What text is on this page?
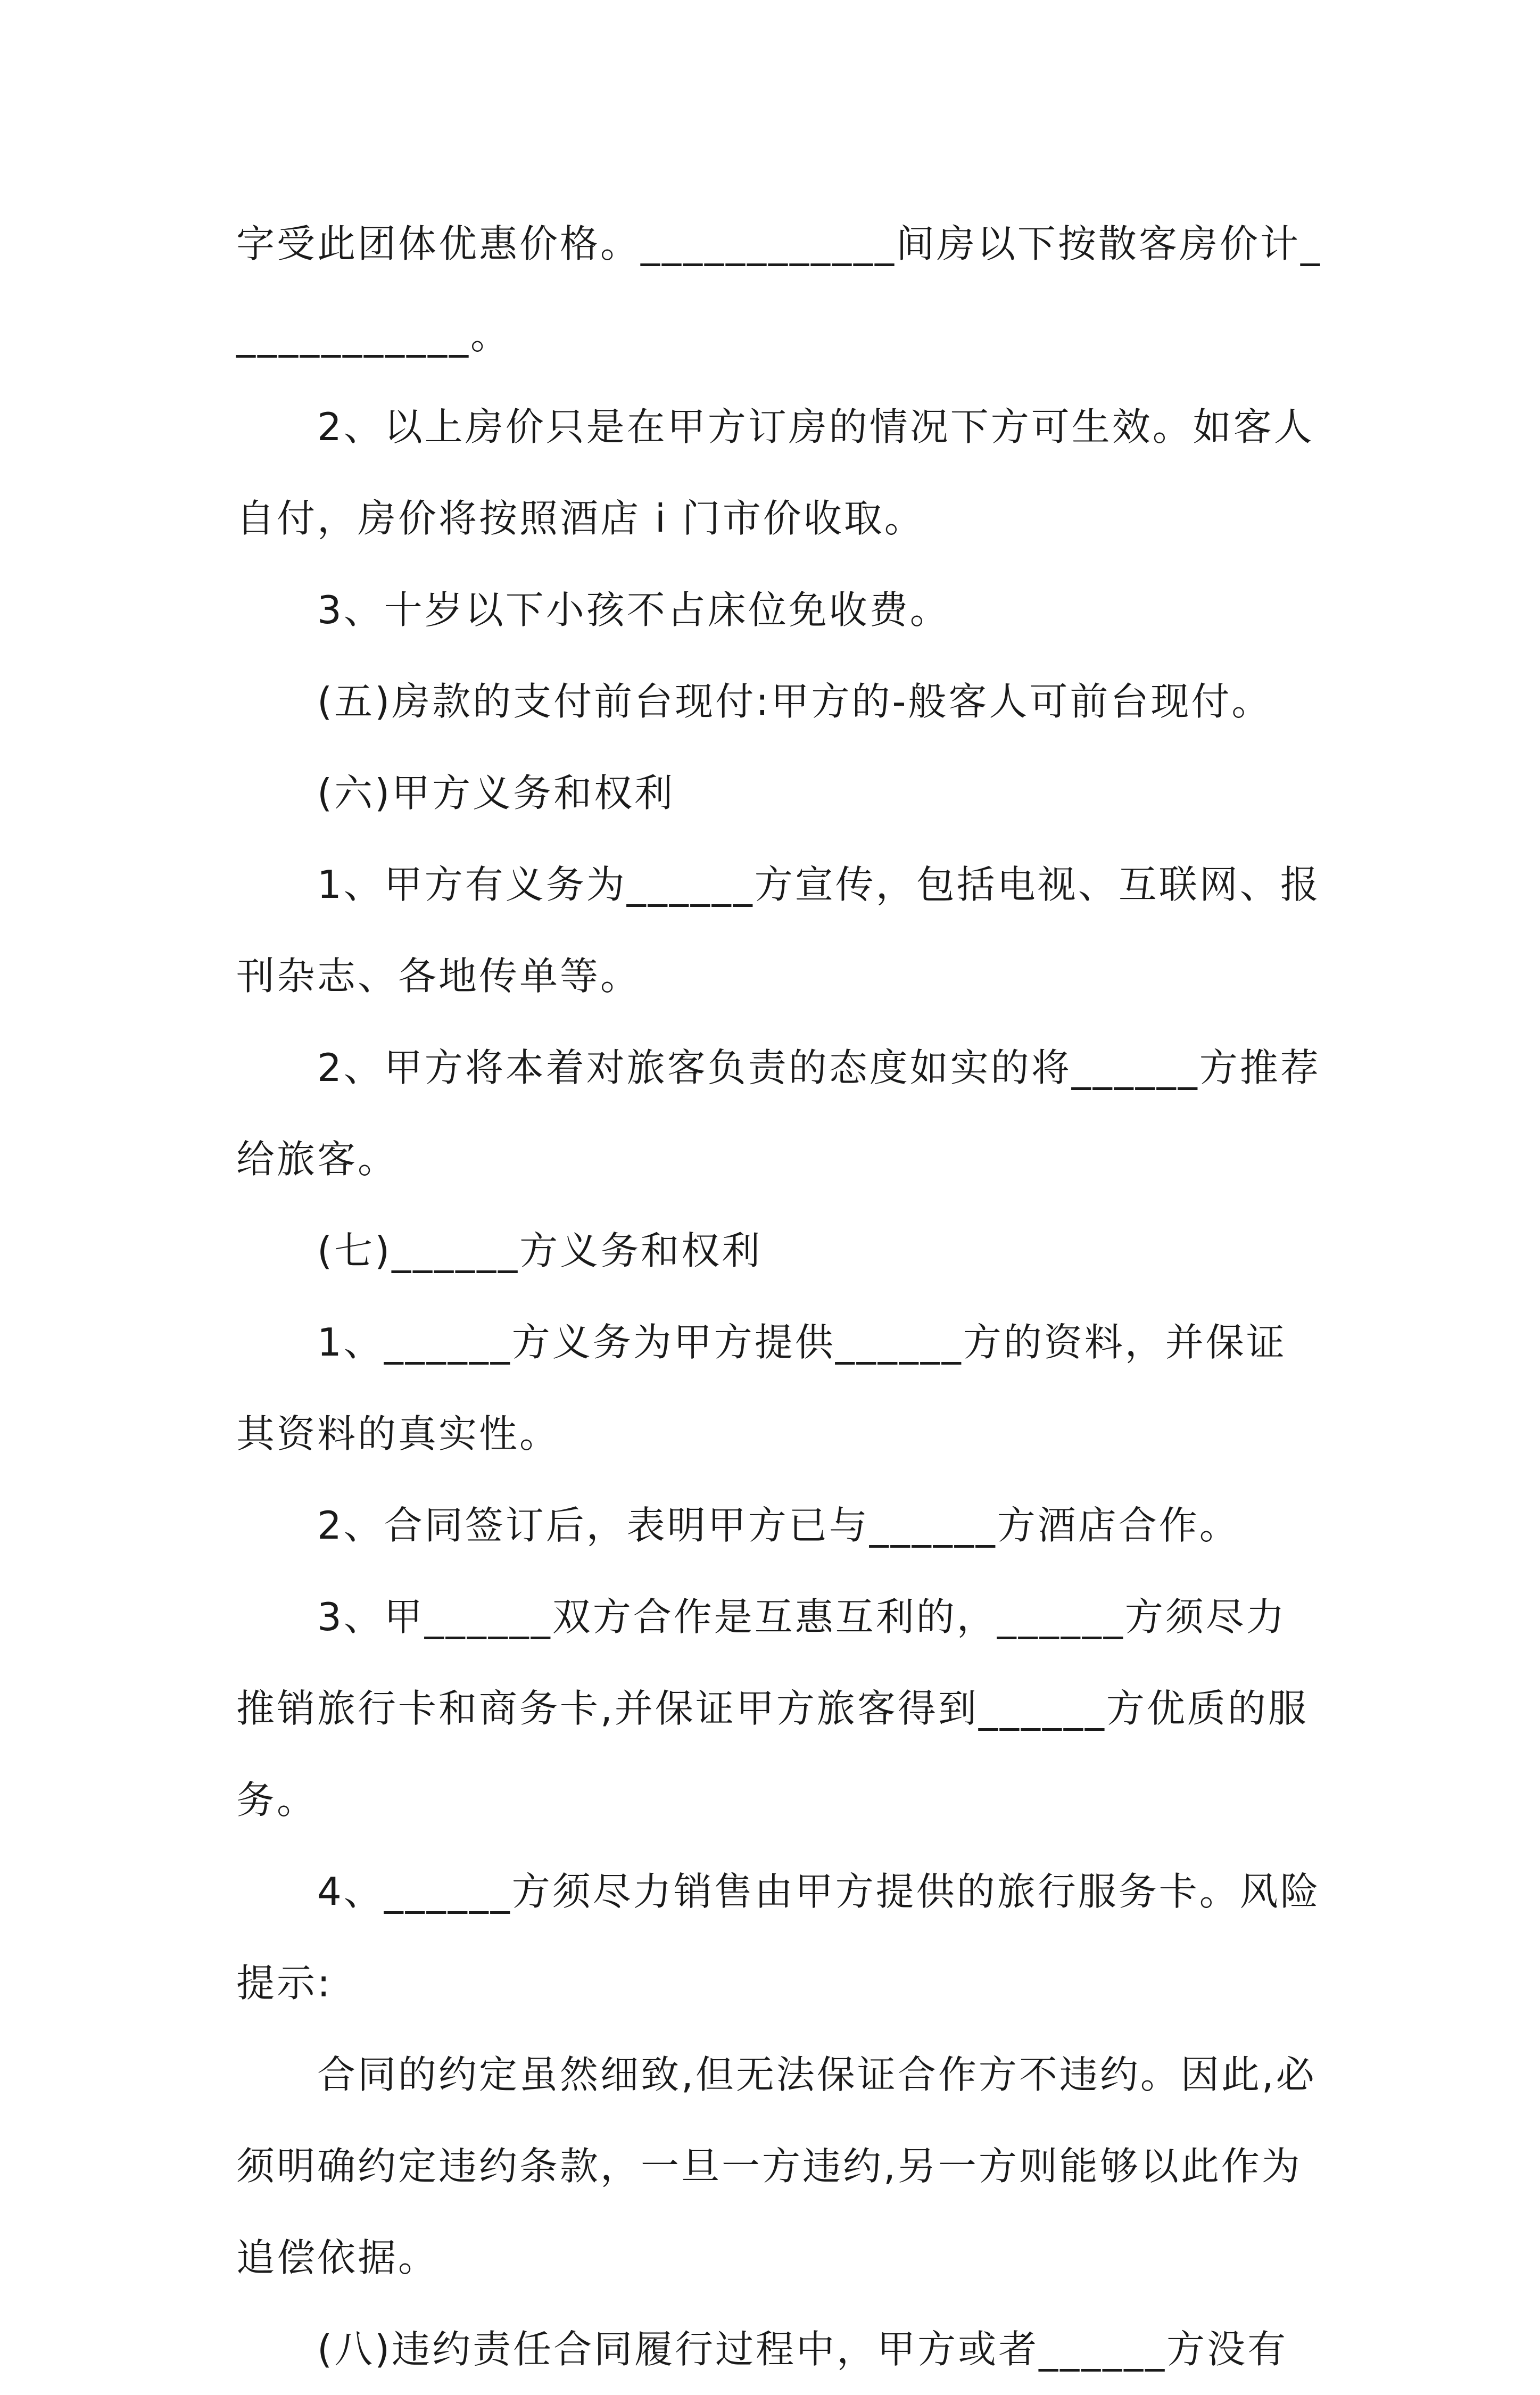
字受此团体优惠价格。____________间房以下按散客房价计____________。

2、以上房价只是在甲方订房的情况下方可生效。如客人自付，房价将按照酒店 i 门市价收取。

3、十岁以下小孩不占床位免收费。

(五)房款的支付前台现付:甲方的-般客人可前台现付。

(六)甲方义务和权利

1、甲方有义务为______方宣传，包括电视、互联网、报刊杂志、各地传单等。

2、甲方将本着对旅客负责的态度如实的将______方推荐给旅客。

(七)______方义务和权利

1、______方义务为甲方提供______方的资料，并保证其资料的真实性。

2、合同签订后，表明甲方已与______方酒店合作。

3、甲______双方合作是互惠互利的，______方须尽力推销旅行卡和商务卡,并保证甲方旅客得到______方优质的服务。

4、______方须尽力销售由甲方提供的旅行服务卡。风险提示:

合同的约定虽然细致,但无法保证合作方不违约。因此,必须明确约定违约条款，一旦一方违约,另一方则能够以此作为追偿依据。

(八)违约责任合同履行过程中，甲方或者______方没有
